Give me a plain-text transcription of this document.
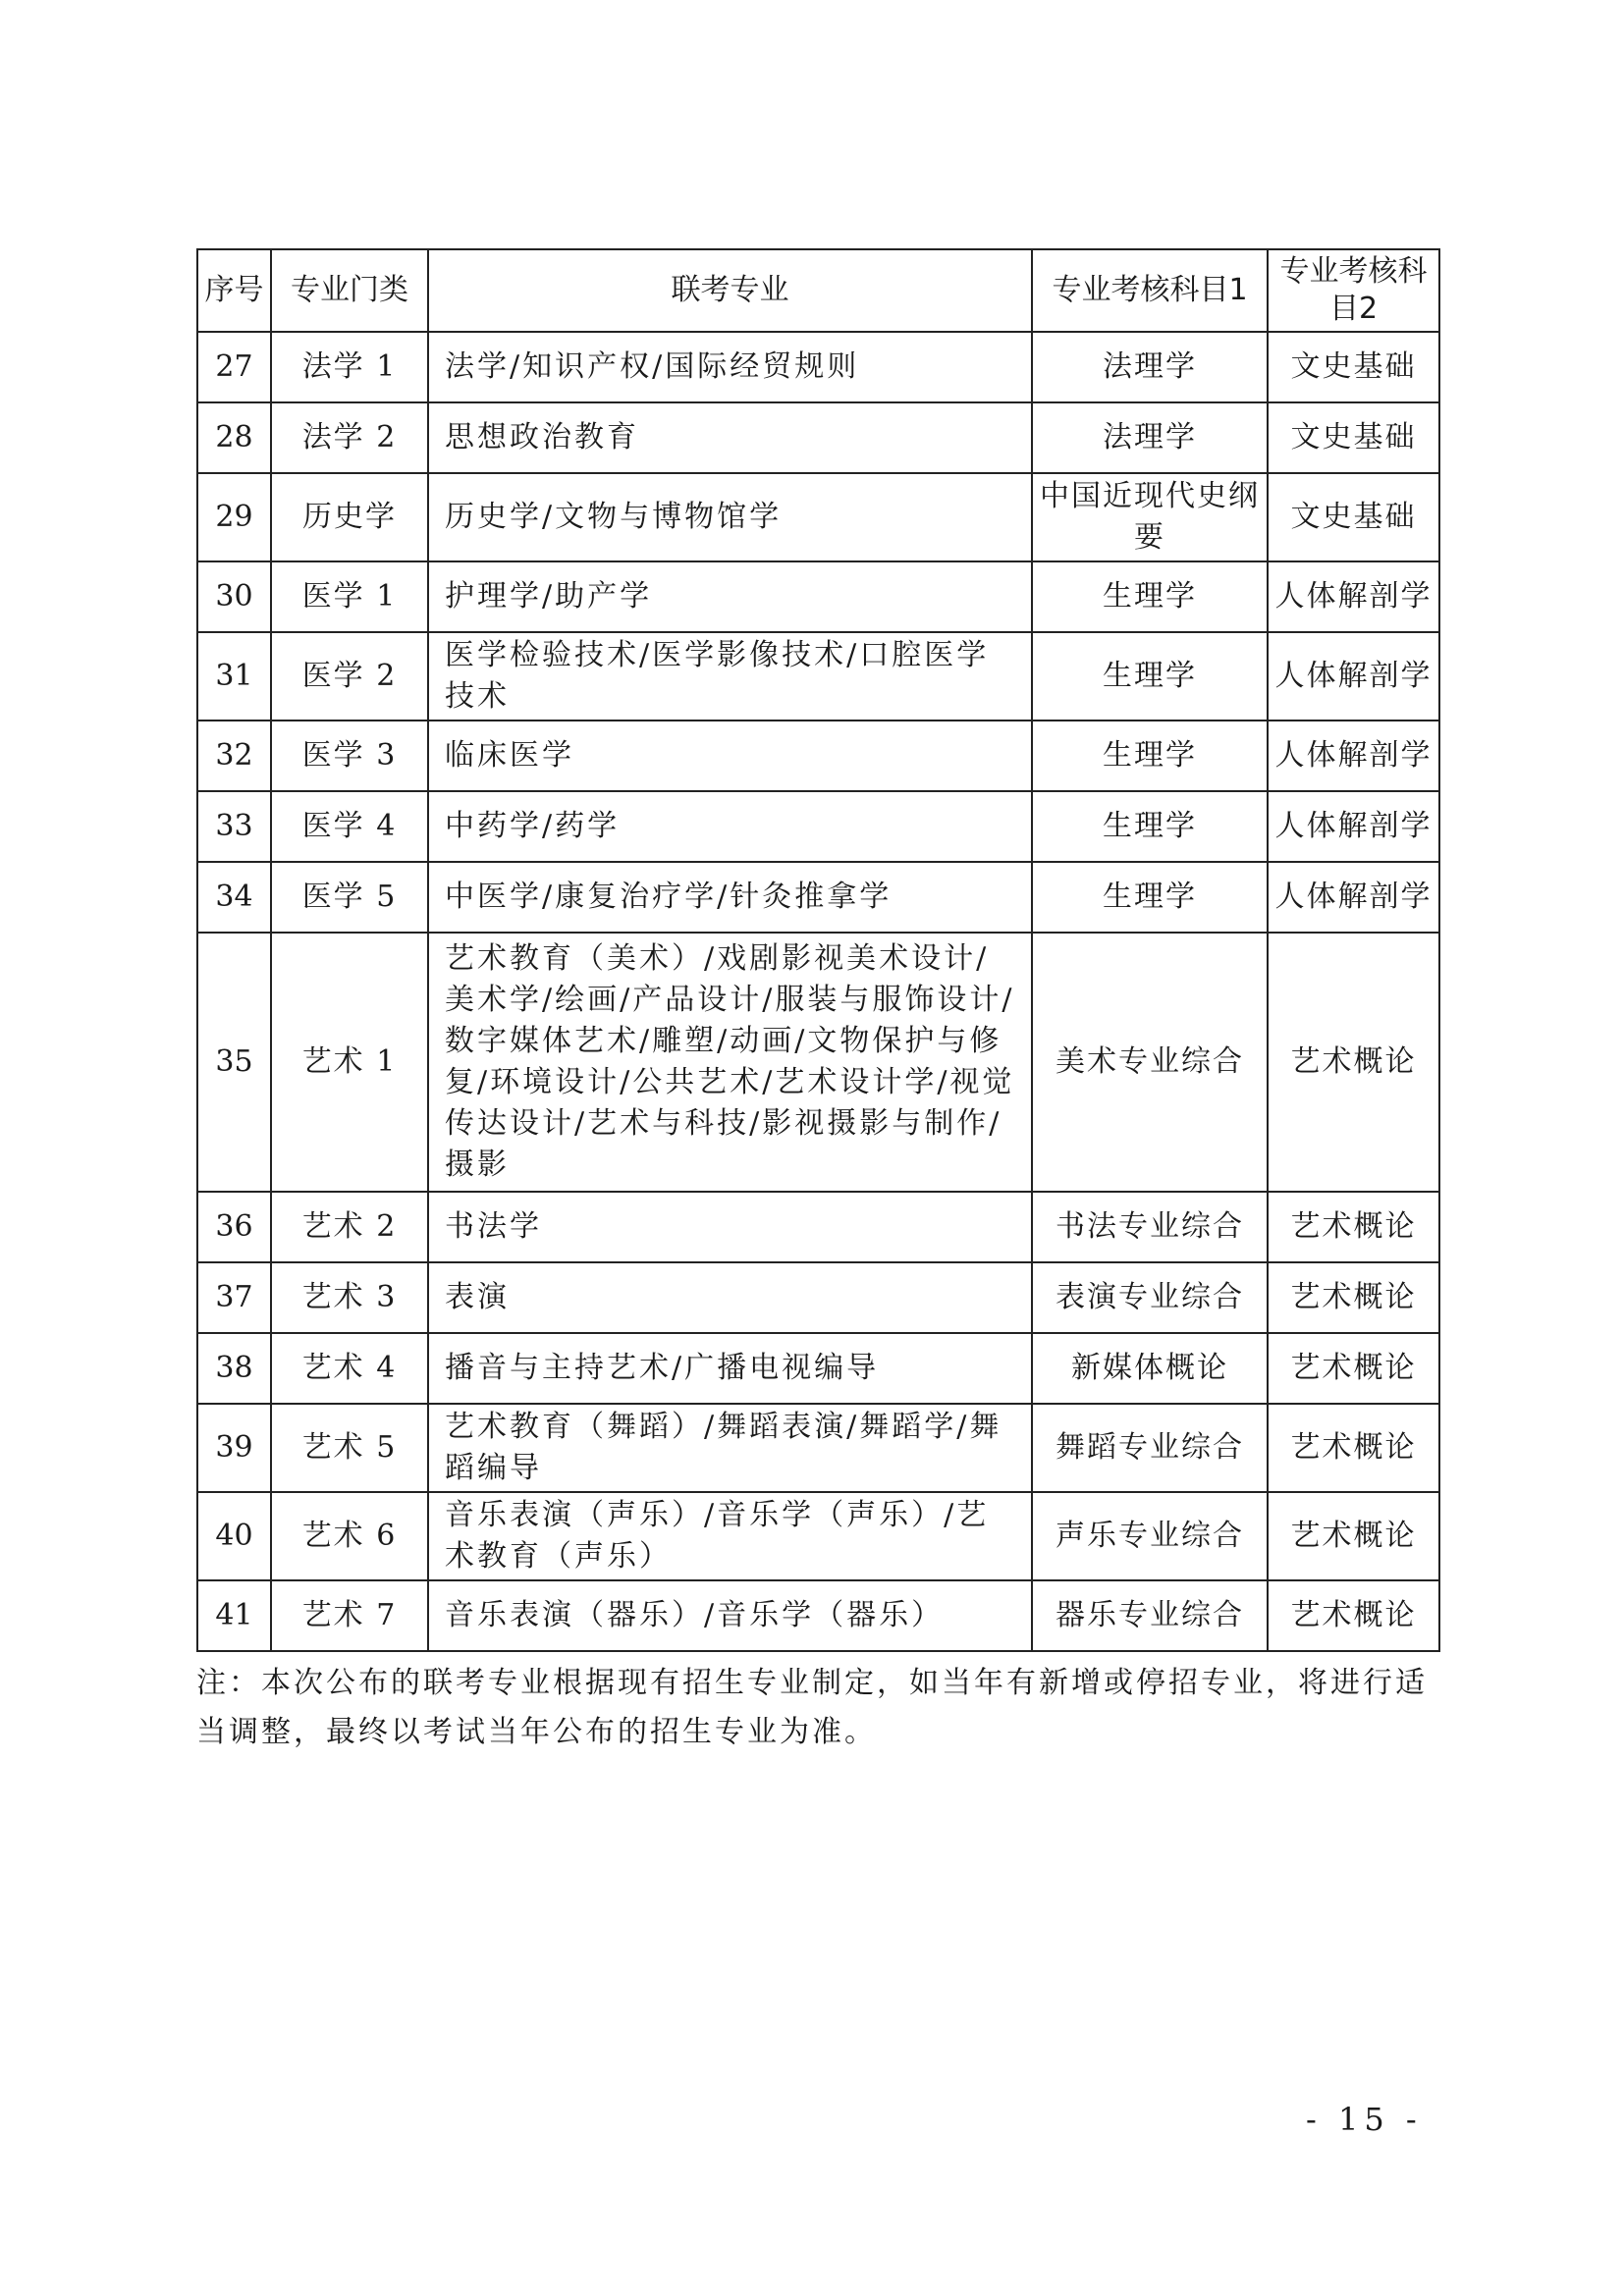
序号	专业门类	联考专业	专业考核科目1	专业考核科目2
27	法学 1	法学/知识产权/国际经贸规则	法理学	文史基础
28	法学 2	思想政治教育	法理学	文史基础
29	历史学	历史学/文物与博物馆学	中国近现代史纲要	文史基础
30	医学 1	护理学/助产学	生理学	人体解剖学
31	医学 2	医学检验技术/医学影像技术/口腔医学技术	生理学	人体解剖学
32	医学 3	临床医学	生理学	人体解剖学
33	医学 4	中药学/药学	生理学	人体解剖学
34	医学 5	中医学/康复治疗学/针灸推拿学	生理学	人体解剖学
35	艺术 1	艺术教育（美术）/戏剧影视美术设计/美术学/绘画/产品设计/服装与服饰设计/数字媒体艺术/雕塑/动画/文物保护与修复/环境设计/公共艺术/艺术设计学/视觉传达设计/艺术与科技/影视摄影与制作/摄影	美术专业综合	艺术概论
36	艺术 2	书法学	书法专业综合	艺术概论
37	艺术 3	表演	表演专业综合	艺术概论
38	艺术 4	播音与主持艺术/广播电视编导	新媒体概论	艺术概论
39	艺术 5	艺术教育（舞蹈）/舞蹈表演/舞蹈学/舞蹈编导	舞蹈专业综合	艺术概论
40	艺术 6	音乐表演（声乐）/音乐学（声乐）/艺术教育（声乐）	声乐专业综合	艺术概论
41	艺术 7	音乐表演（器乐）/音乐学（器乐）	器乐专业综合	艺术概论
注：本次公布的联考专业根据现有招生专业制定，如当年有新增或停招专业，将进行适当调整，最终以考试当年公布的招生专业为准。
- 15 -
